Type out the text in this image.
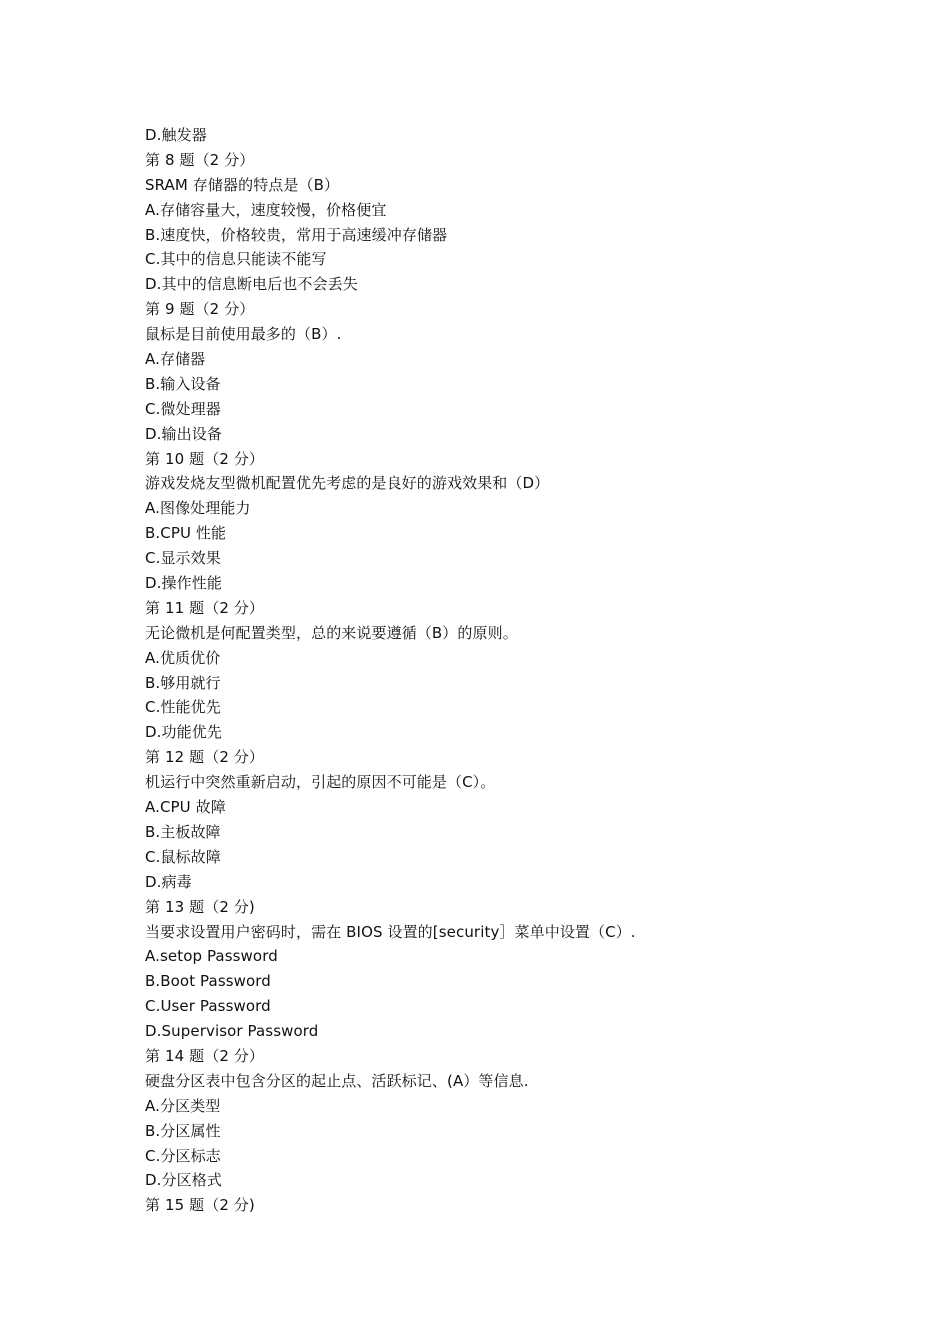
D.触发器
第 8 题（2 分）
SRAM 存储器的特点是（B）
A.存储容量大，速度较慢，价格便宜
B.速度快，价格较贵，常用于高速缓冲存储器
C.其中的信息只能读不能写
D.其中的信息断电后也不会丢失
第 9 题（2 分）
鼠标是目前使用最多的（B）.
A.存储器
B.输入设备
C.微处理器
D.输出设备
第 10 题（2 分）
游戏发烧友型微机配置优先考虑的是良好的游戏效果和（D）
A.图像处理能力
B.CPU 性能
C.显示效果
D.操作性能
第 11 题（2 分）
无论微机是何配置类型，总的来说要遵循（B）的原则。
A.优质优价
B.够用就行
C.性能优先
D.功能优先
第 12 题（2 分）
机运行中突然重新启动，引起的原因不可能是（C）。
A.CPU 故障
B.主板故障
C.鼠标故障
D.病毒
第 13 题（2 分)
当要求设置用户密码时，需在 BIOS 设置的[security］菜单中设置（C）.
A.setop Password
B.Boot Password
C.User Password
D.Supervisor Password
第 14 题（2 分）
硬盘分区表中包含分区的起止点、活跃标记、(A）等信息.
A.分区类型
B.分区属性
C.分区标志
D.分区格式
第 15 题（2 分)
